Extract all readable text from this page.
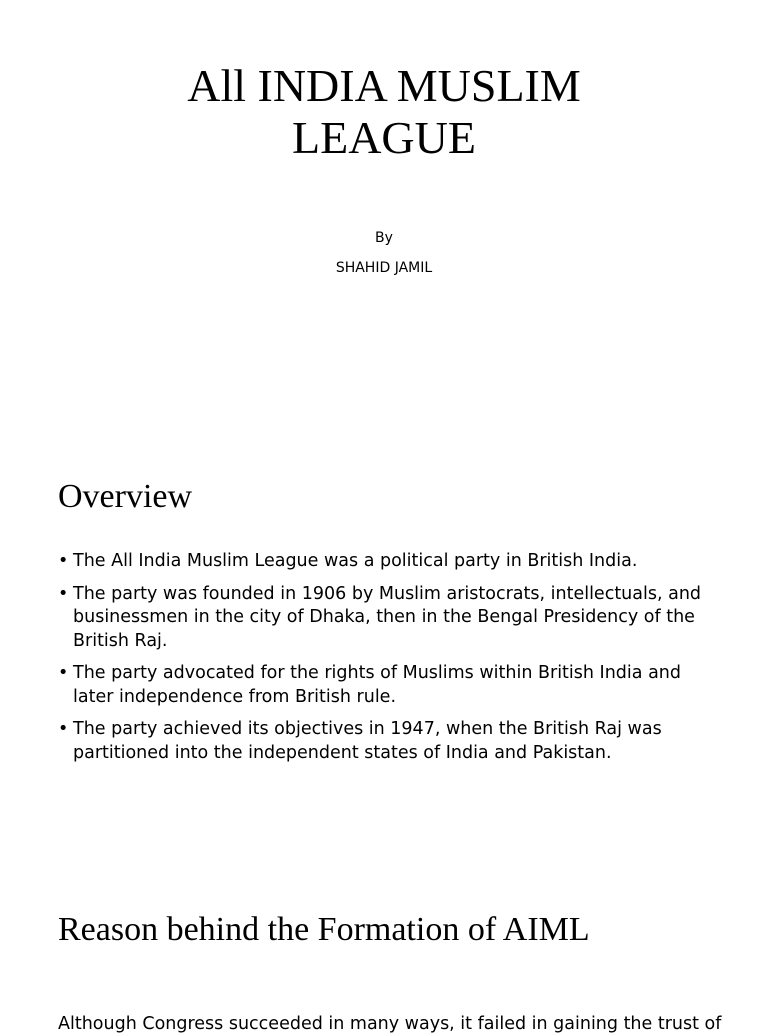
All INDIA MUSLIM
LEAGUE
By
SHAHID JAMIL
Overview
• The All India Muslim League was a political party in British India.
• The party was founded in 1906 by Muslim aristocrats, intellectuals, and businessmen in the city of Dhaka, then in the Bengal Presidency of the British Raj.
• The party advocated for the rights of Muslims within British India and later independence from British rule.
• The party achieved its objectives in 1947, when the British Raj was partitioned into the independent states of India and Pakistan.
Reason behind the Formation of AIML
Although Congress succeeded in many ways, it failed in gaining the trust of
